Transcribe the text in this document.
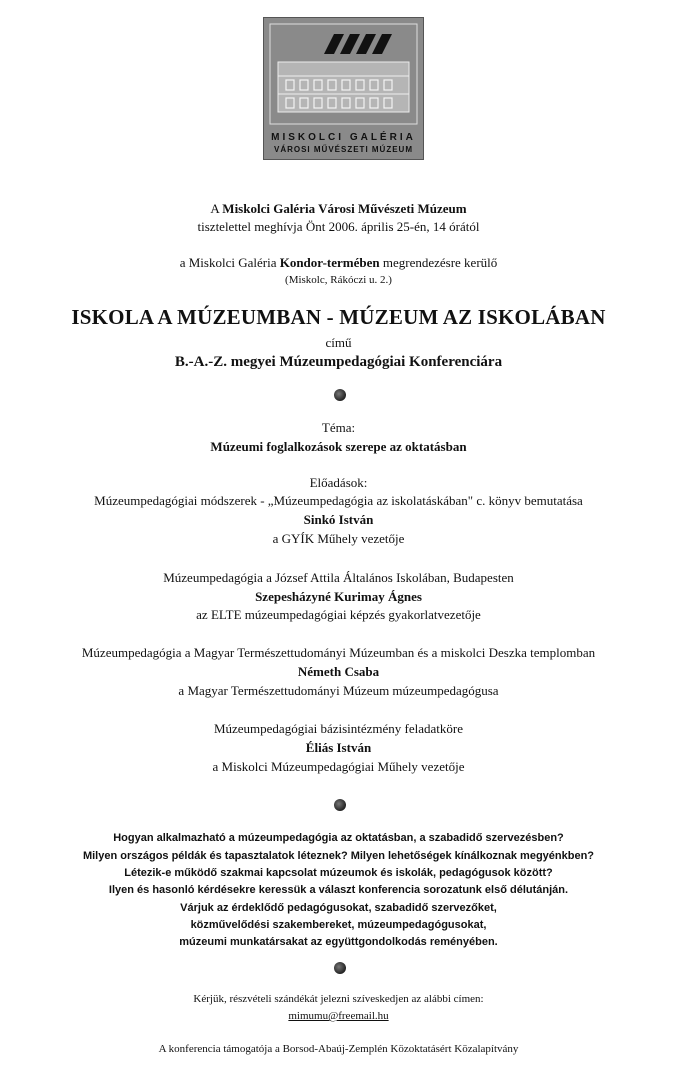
MISKOLCI GALÉRIA
VÁROSI MŰVÉSZETI MÚZEUM
A Miskolci Galéria Városi Művészeti Múzeum
tisztelettel meghívja Önt 2006. április 25-én, 14 órától
a Miskolci Galéria Kondor-termében megrendezésre kerülő
(Miskolc, Rákóczi u. 2.)
ISKOLA A MÚZEUMBAN - MÚZEUM AZ ISKOLÁBAN
című
B.-A.-Z. megyei Múzeumpedagógiai Konferenciára
Téma:
Múzeumi foglalkozások szerepe az oktatásban
Előadások:
Múzeumpedagógiai módszerek - „Múzeumpedagógia az iskolatáskában" c. könyv bemutatása
Sinkó István
a GYÍK Műhely vezetője
Múzeumpedagógia a József Attila Általános Iskolában, Budapesten
Szepesházyné Kurimay Ágnes
az ELTE múzeumpedagógiai képzés gyakorlatvezetője
Múzeumpedagógia a Magyar Természettudományi Múzeumban és a miskolci Deszka templomban
Németh Csaba
a Magyar Természettudományi Múzeum múzeumpedagógusa
Múzeumpedagógiai bázisintézmény feladatköre
Éliás István
a Miskolci Múzeumpedagógiai Műhely vezetője
Hogyan alkalmazható a múzeumpedagógia az oktatásban, a szabadidő szervezésben?
Milyen országos példák és tapasztalatok léteznek? Milyen lehetőségek kínálkoznak megyénkben?
Létezik-e működő szakmai kapcsolat múzeumok és iskolák, pedagógusok között?
Ilyen és hasonló kérdésekre keressük a választ konferencia sorozatunk első délutánján.
Várjuk az érdeklődő pedagógusokat, szabadidő szervezőket,
közművelődési szakembereket, múzeumpedagógusokat,
múzeumi munkatársakat az együttgondolkodás reményében.
Kérjük, részvételi szándékát jelezni szíveskedjen az alábbi címen:
mimumu@freemail.hu
A konferencia támogatója a Borsod-Abaúj-Zemplén Közoktatásért Közalapítvány
